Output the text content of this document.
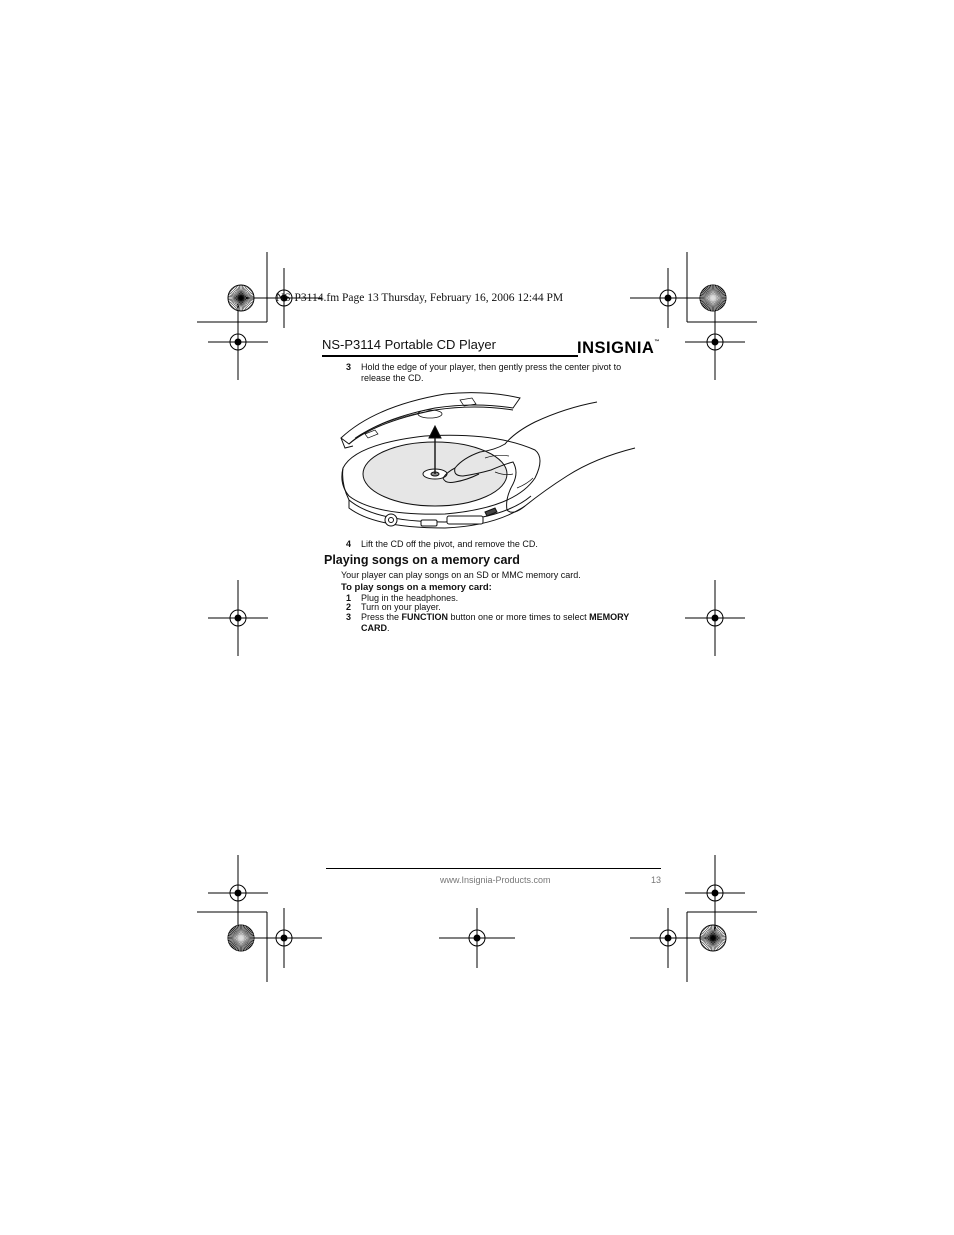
NS-P3114.fm Page 13 Thursday, February 16, 2006 12:44 PM
NS-P3114 Portable CD Player	INSIGNIA™
3 Hold the edge of your player, then gently press the center pivot to release the CD.
4 Lift the CD off the pivot, and remove the CD.
Playing songs on a memory card
Your player can play songs on an SD or MMC memory card.
To play songs on a memory card:
1 Plug in the headphones.
2 Turn on your player.
3 Press the FUNCTION button one or more times to select MEMORY CARD.
www.Insignia-Products.com	13
